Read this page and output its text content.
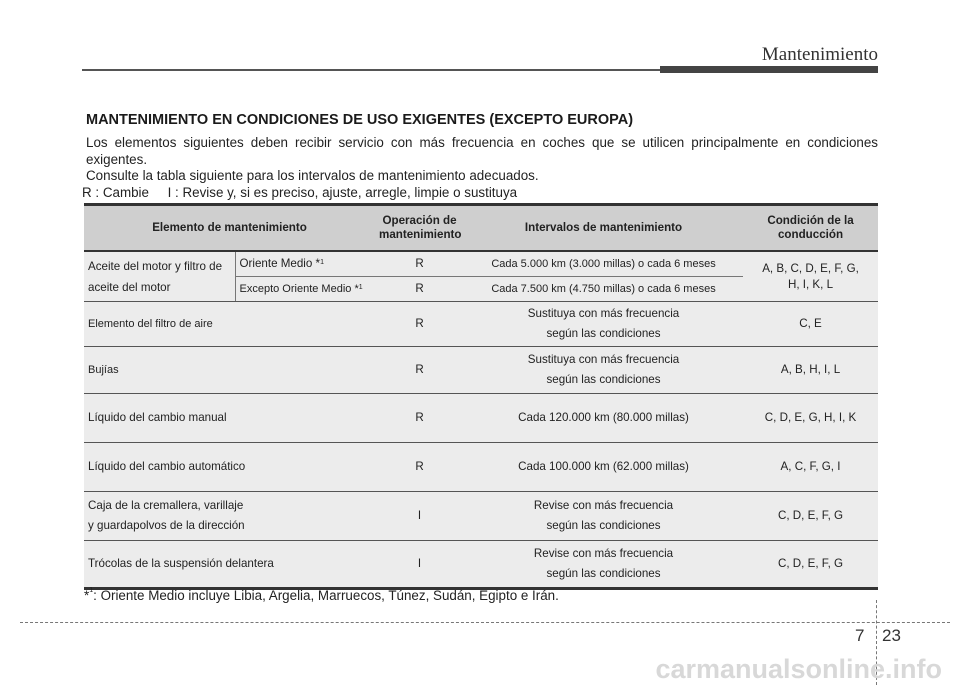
Mantenimiento
MANTENIMIENTO EN CONDICIONES DE USO EXIGENTES (EXCEPTO EUROPA)
Los elementos siguientes deben recibir servicio con más frecuencia en coches que se utilicen principalmente en condiciones exigentes.
Consulte la tabla siguiente para los intervalos de mantenimiento adecuados.
R : Cambie     I : Revise y, si es preciso, ajuste, arregle, limpie o sustituya
Elemento de mantenimiento		Operación de mantenimiento	Intervalos de mantenimiento	Condición de la conducción
Aceite del motor y filtro de
aceite del motor	Oriente Medio *$^1$	R	Cada 5.000 km (3.000 millas) o cada 6 meses	A, B, C, D, E, F, G, H, I, K, L
	Excepto Oriente Medio *$^1$	R	Cada 7.500 km (4.750 millas) o cada 6 meses	
Elemento del filtro de aire		R	Sustituya con más frecuencia
según las condiciones	C, E
Bujías		R	Sustituya con más frecuencia
según las condiciones	A, B, H, I, L
Líquido del cambio manual		R	Cada 120.000 km (80.000 millas)	C, D, E, G, H, I, K
Líquido del cambio automático		R	Cada 100.000 km (62.000 millas)	A, C, F, G, I
Caja de la cremallera, varillaje
y guardapolvos de la dirección		I	Revise con más frecuencia
según las condiciones	C, D, E, F, G
Trócolas de la suspensión delantera		I	Revise con más frecuencia
según las condiciones	C, D, E, F, G
*$^1$: Oriente Medio incluye Libia, Argelia, Marruecos, Túnez, Sudán, Egipto e Irán.
7 23
carmanualsonline.info
